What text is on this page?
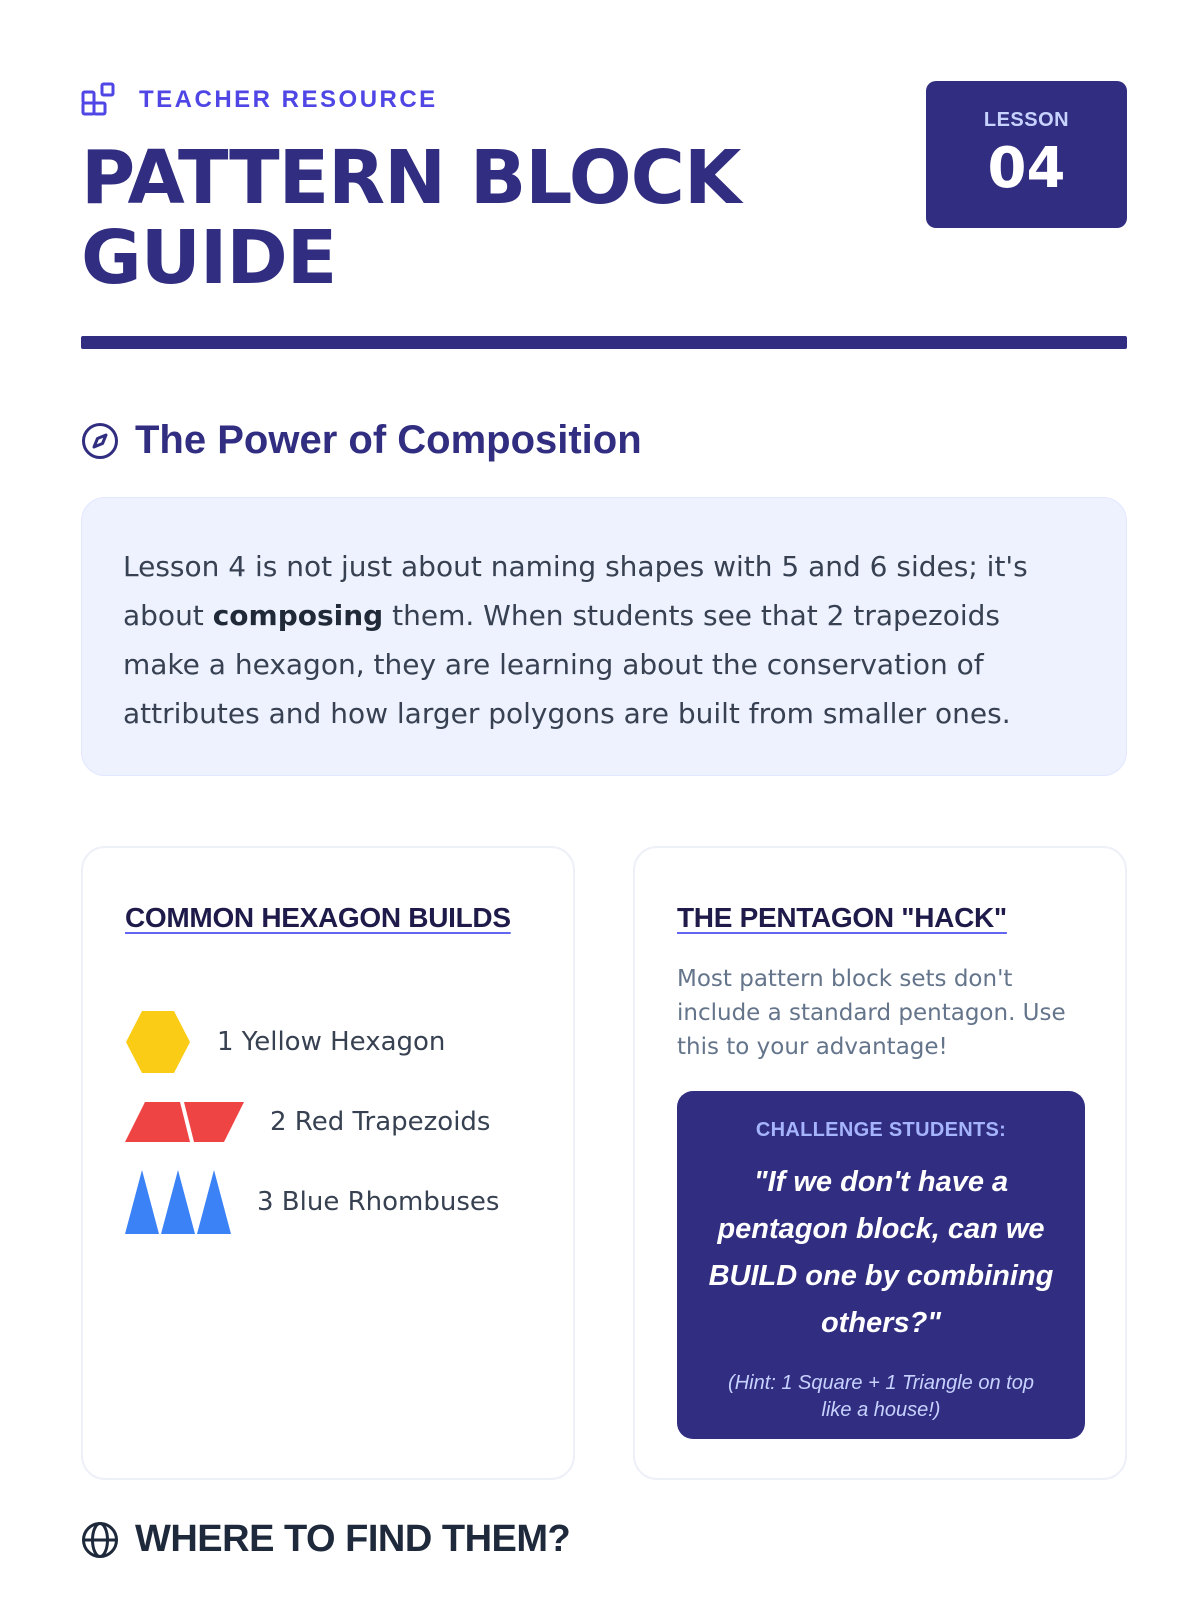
TEACHER RESOURCE
PATTERN BLOCK
GUIDE
LESSON
04
The Power of Composition

Lesson 4 is not just about naming shapes with 5 and 6 sides; it's about composing them. When students see that 2 trapezoids make a hexagon, they are learning about the conservation of attributes and how larger polygons are built from smaller ones.

COMMON HEXAGON BUILDS
1 Yellow Hexagon
2 Red Trapezoids
3 Blue Rhombuses
THE PENTAGON "HACK"

Most pattern block sets don't include a standard pentagon. Use this to your advantage!

CHALLENGE STUDENTS:
"If we don't have a pentagon block, can we BUILD one by combining others?"
(Hint: 1 Square + 1 Triangle on top like a house!)
WHERE TO FIND THEM?
